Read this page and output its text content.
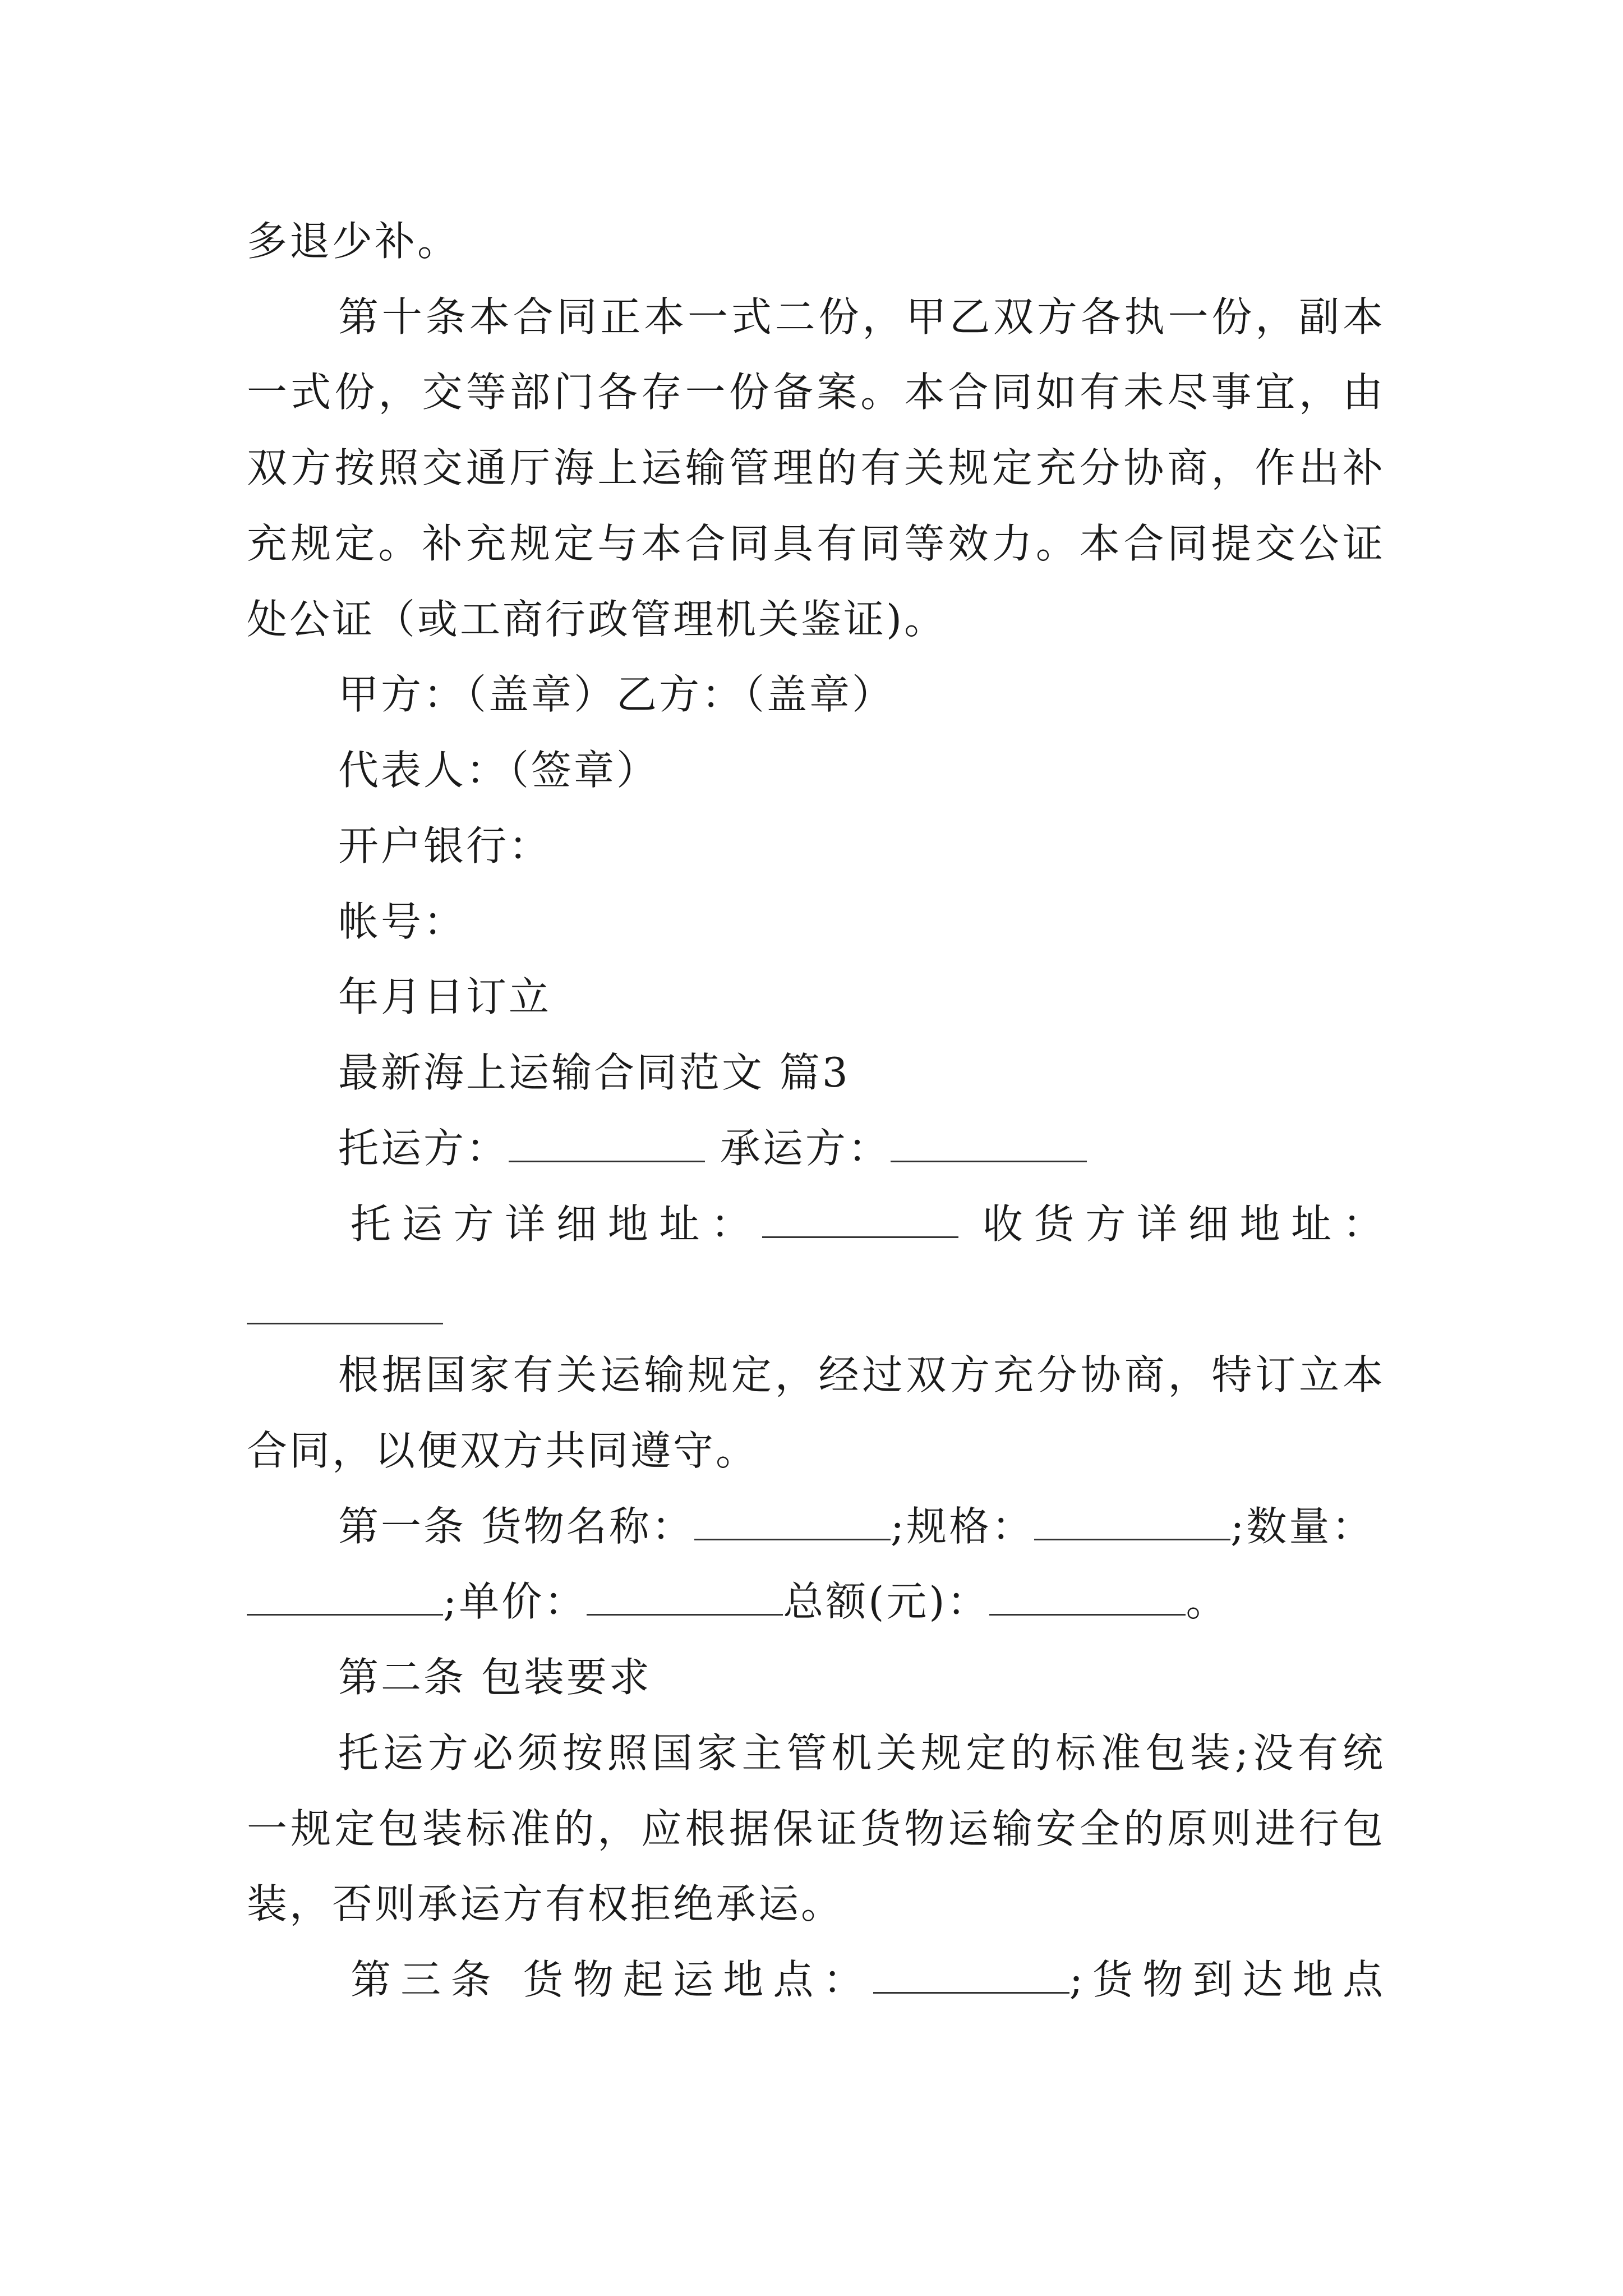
多退少补。
第十条本合同正本一式二份，甲乙双方各执一份，副本
一式份，交等部门各存一份备案。本合同如有未尽事宜，由
双方按照交通厅海上运输管理的有关规定充分协商，作出补
充规定。补充规定与本合同具有同等效力。本合同提交公证
处公证（或工商行政管理机关鉴证)。
甲方：（盖章）乙方：（盖章）
代表人：（签章）
开户银行：
帐号：
年月日订立
最新海上运输合同范文 篇3
托运方：	承运方：
托运方详细地址：	收货方详细地址：
根据国家有关运输规定，经过双方充分协商，特订立本
合同，以便双方共同遵守。
第一条 货物名称：	;规格：	;数量：
;单价：	总额(元)：	。
第二条 包装要求
托运方必须按照国家主管机关规定的标准包装;没有统
一规定包装标准的，应根据保证货物运输安全的原则进行包
装，否则承运方有权拒绝承运。
第三条 货物起运地点：	;货物到达地点
